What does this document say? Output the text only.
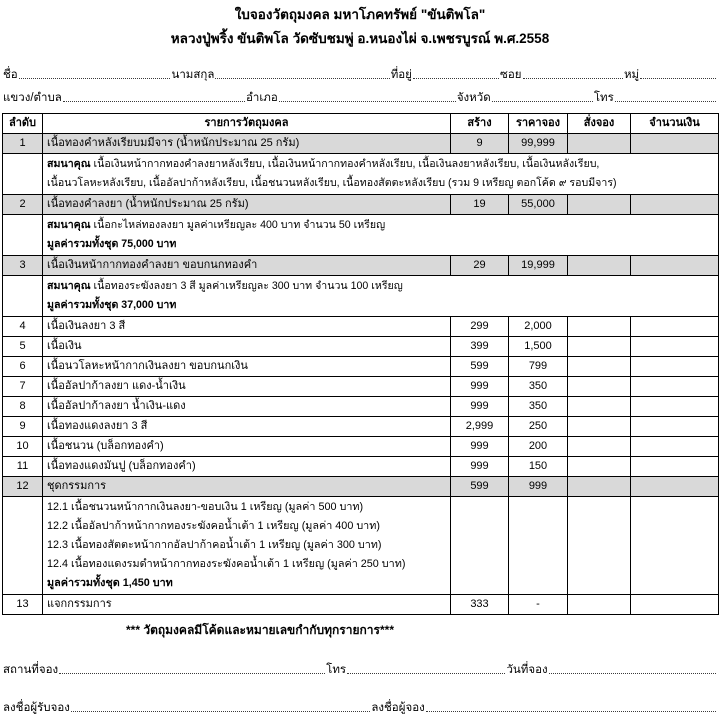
ใบจองวัตถุมงคล มหาโภคทรัพย์ "ขันติพโล"
หลวงปู่พริ้ง ขันติพโล วัดซับชมพู่ อ.หนองไผ่ จ.เพชรบูรณ์ พ.ศ.2558
ชื่อ	นามสกุล	ที่อยู่	ซอย	หมู่
แขวง/ตำบล	อำเภอ	จังหวัด	โทร
ลำดับ	รายการวัตถุมงคล	สร้าง	ราคาจอง	สั่งจอง	จำนวนเงิน
1	เนื้อทองคำหลังเรียบมมีจาร (น้ำหนักประมาณ 25 กรัม)	9	99,999		

	สมนาคุณ เนื้อเงินหน้ากากทองคำลงยาหลังเรียบ, เนื้อเงินหน้ากากทองคำหลังเรียบ, เนื้อเงินลงยาหลังเรียบ, เนื้อเงินหลังเรียบ,
เนื้อนวโลหะหลังเรียบ, เนื้ออัลปาก้าหลังเรียบ, เนื้อชนวนหลังเรียบ, เนื้อทองสัตตะหลังเรียบ (รวม 9 เหรียญ ตอกโค้ด ๙ รอบมีจาร)				

2	เนื้อทองคำลงยา (น้ำหนักประมาณ 25 กรัม)	19	55,000		

	สมนาคุณ เนื้อกะไหล่ทองลงยา มูลค่าเหรียญละ 400 บาท จำนวน 50 เหรียญ
มูลค่ารวมทั้งชุด 75,000 บาท				

3	เนื้อเงินหน้ากากทองคำลงยา ขอบกนกทองคำ	29	19,999		

	สมนาคุณ เนื้อทองระฆังลงยา 3 สี มูลค่าเหรียญละ 300 บาท จำนวน 100 เหรียญ
มูลค่ารวมทั้งชุด 37,000 บาท				

4	เนื้อเงินลงยา 3 สี	299	2,000		
5	เนื้อเงิน	399	1,500		
6	เนื้อนวโลหะหน้ากากเงินลงยา ขอบกนกเงิน	599	799		
7	เนื้ออัลปาก้าลงยา แดง-น้ำเงิน	999	350		
8	เนื้ออัลปาก้าลงยา น้ำเงิน-แดง	999	350		
9	เนื้อทองแดงลงยา 3 สี	2,999	250		
10	เนื้อชนวน (บล็อกทองคำ)	999	200		
11	เนื้อทองแดงมันปู (บล็อกทองคำ)	999	150		
12	ชุดกรรมการ	599	999		

	12.1 เนื้อชนวนหน้ากากเงินลงยา-ขอบเงิน 1 เหรียญ (มูลค่า 500 บาท)
12.2 เนื้ออัลปาก้าหน้ากากทองระฆังคอน้ำเต้า 1 เหรียญ (มูลค่า 400 บาท)
12.3 เนื้อทองสัตตะหน้ากากอัลปาก้าคอน้ำเต้า 1 เหรียญ (มูลค่า 300 บาท)
12.4 เนื้อทองแดงรมดำหน้ากากทองระฆังคอน้ำเต้า 1 เหรียญ (มูลค่า 250 บาท)
มูลค่ารวมทั้งชุด 1,450 บาท				

13	แจกกรรมการ	333	-		
*** วัตถุมงคลมีโค้ดและหมายเลขกำกับทุกรายการ***
สถานที่จอง	โทร	วันที่จอง
ลงชื่อผู้รับจอง	ลงชื่อผู้จอง
